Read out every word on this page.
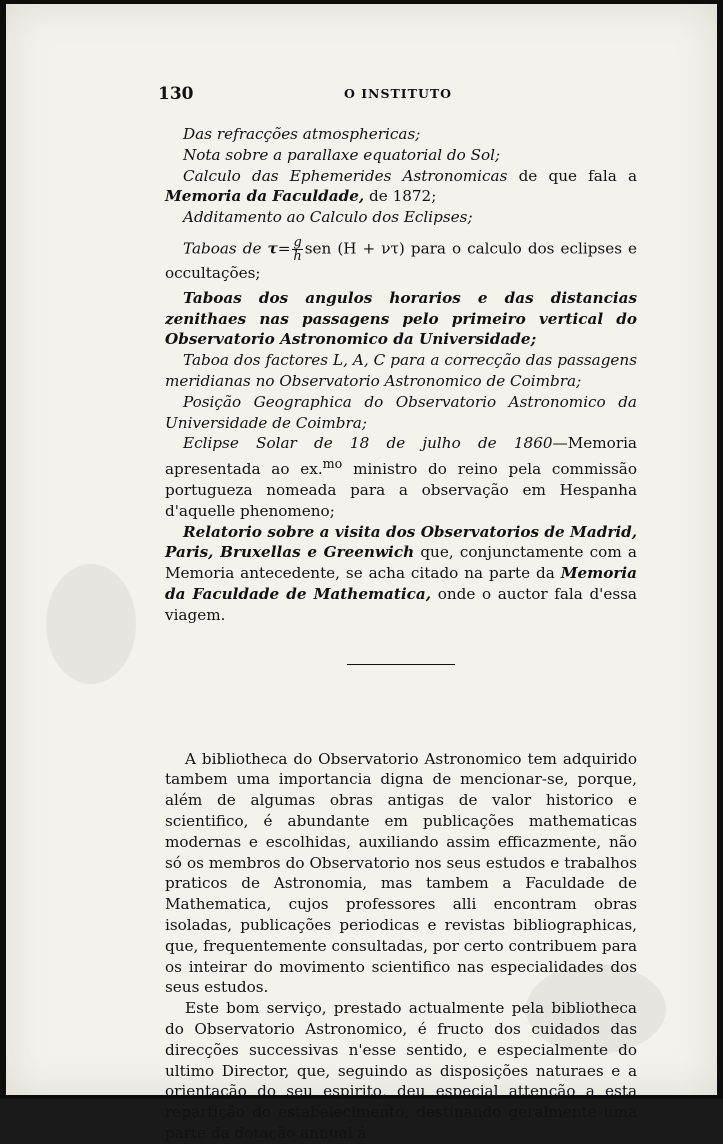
130	O INSTITUTO

Das refracções atmosphericas;

Nota sobre a parallaxe equatorial do Sol;

Calculo das Ephemerides Astronomicas de que fala a Memoria da Faculdade, de 1872;

Additamento ao Calculo dos Eclipses;

Taboas de $\tau= \frac{g}{h}$ sen (H + ντ) para o calculo dos eclipses e occultações;

Taboas dos angulos horarios e das distancias zenithaes nas passagens pelo primeiro vertical do Observatorio Astronomico da Universidade;

Taboa dos factores L, A, C para a correcção das passagens meridianas no Observatorio Astronomico de Coimbra;

Posição Geographica do Observatorio Astronomico da Universidade de Coimbra;

Eclipse Solar de 18 de julho de 1860—Memoria apresentada ao ex.$^{mo}$ ministro do reino pela commissão portugueza nomeada para a observação em Hespanha d'aquelle phenomeno;

Relatorio sobre a visita dos Observatorios de Madrid, Paris, Bruxellas e Greenwich que, conjunctamente com a Memoria antecedente, se acha citado na parte da Memoria da Faculdade de Mathematica, onde o auctor fala d'essa viagem.

A bibliotheca do Observatorio Astronomico tem adquirido tambem uma importancia digna de mencionar-se, porque, além de algumas obras antigas de valor historico e scientifico, é abundante em publicações mathematicas modernas e escolhidas, auxiliando assim efficazmente, não só os membros do Observatorio nos seus estudos e trabalhos praticos de Astronomia, mas tambem a Faculdade de Mathematica, cujos professores alli encontram obras isoladas, publicações periodicas e revistas bibliographicas, que, frequentemente consultadas, por certo contribuem para os inteirar do movimento scientifico nas especialidades dos seus estudos.

Este bom serviço, prestado actualmente pela bibliotheca do Observatorio Astronomico, é fructo dos cuidados das direcções successivas n'esse sentido, e especialmente do ultimo Director, que, seguindo as disposições naturaes e a orientação do seu espirito, deu especial attenção a esta repartição do estabelecimento, destinando geralmente uma parte da dotação annual á
